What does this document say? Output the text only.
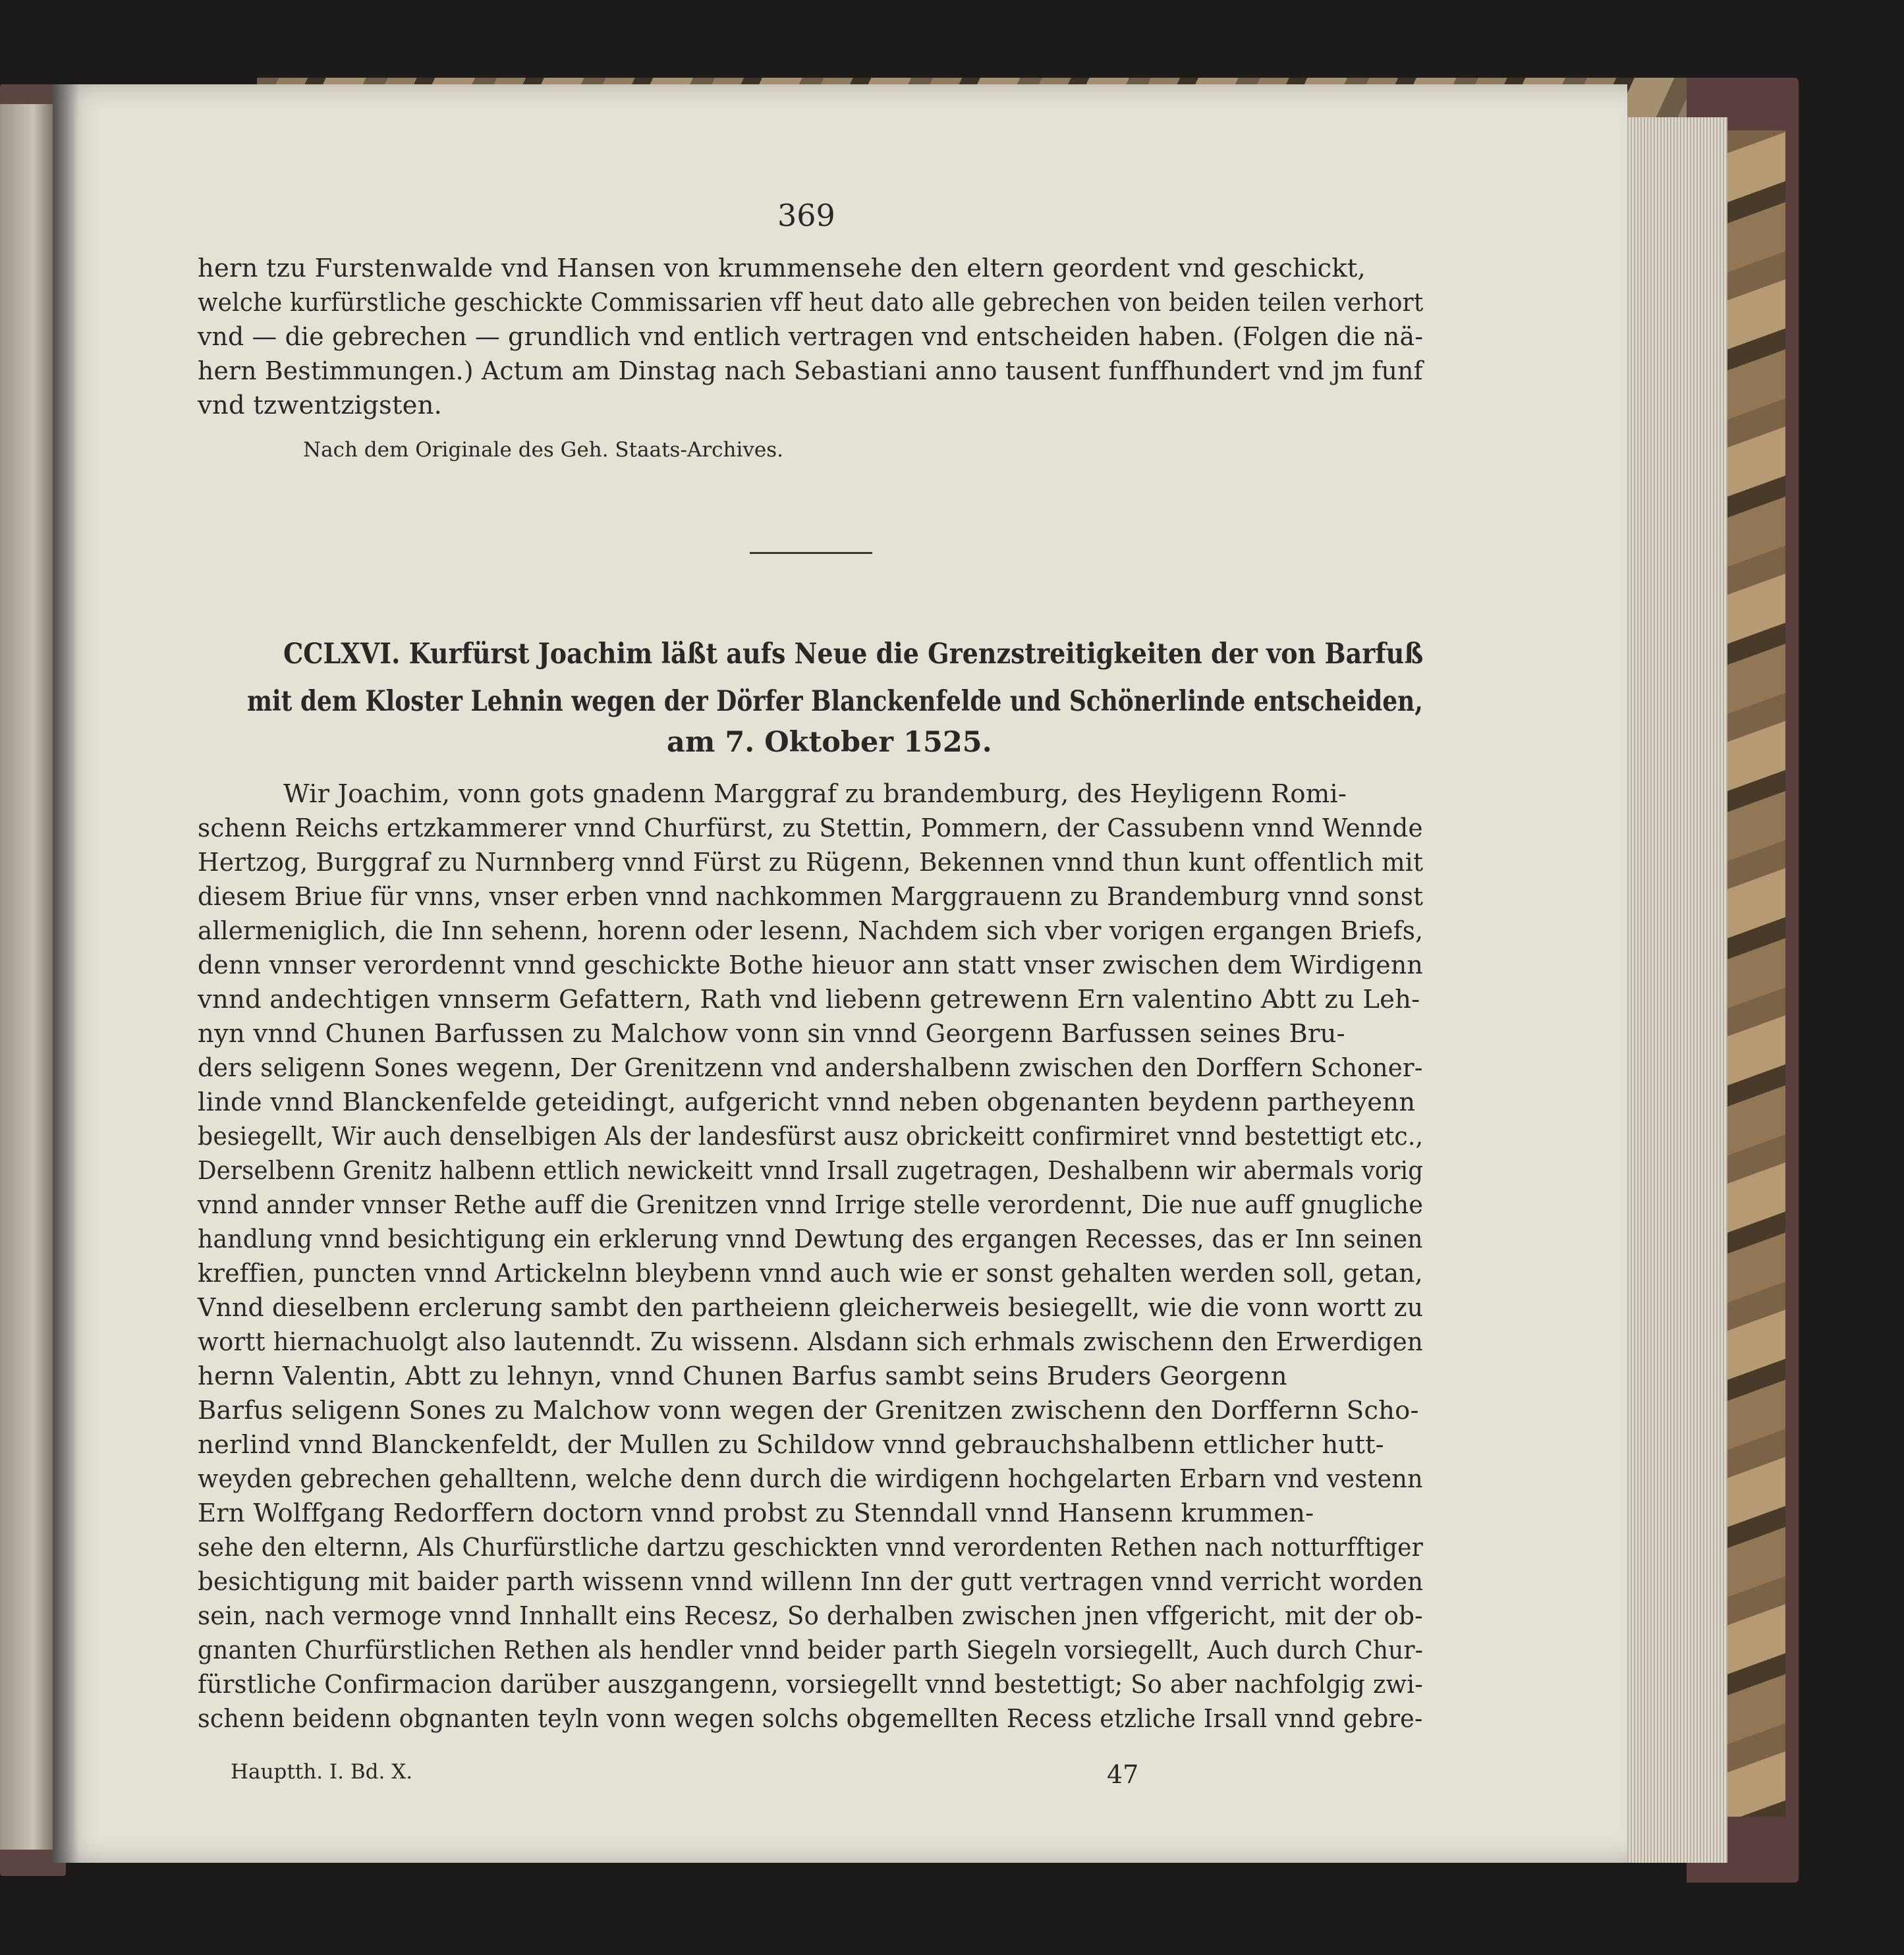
369
hern tzu Furstenwalde vnd Hansen von krummensehe den eltern geordent vnd geschickt,
welche kurfürstliche geschickte Commissarien vff heut dato alle gebrechen von beiden teilen verhort
vnd — die gebrechen — grundlich vnd entlich vertragen vnd entscheiden haben. (Folgen die nä-
hern Bestimmungen.) Actum am Dinstag nach Sebastiani anno tausent funffhundert vnd jm funf
vnd tzwentzigsten.
Nach dem Originale des Geh. Staats-Archives.
CCLXVI. Kurfürst Joachim läßt aufs Neue die Grenzstreitigkeiten der von Barfuß
mit dem Kloster Lehnin wegen der Dörfer Blanckenfelde und Schönerlinde entscheiden,
am 7. Oktober 1525.
Wir Joachim, vonn gots gnadenn Marggraf zu brandemburg, des Heyligenn Romi-
schenn Reichs ertzkammerer vnnd Churfürst, zu Stettin, Pommern, der Cassubenn vnnd Wennde
Hertzog, Burggraf zu Nurnnberg vnnd Fürst zu Rügenn, Bekennen vnnd thun kunt offentlich mit
diesem Briue für vnns, vnser erben vnnd nachkommen Marggrauenn zu Brandemburg vnnd sonst
allermeniglich, die Inn sehenn, horenn oder lesenn, Nachdem sich vber vorigen ergangen Briefs,
denn vnnser verordennt vnnd geschickte Bothe hieuor ann statt vnser zwischen dem Wirdigenn
vnnd andechtigen vnnserm Gefattern, Rath vnd liebenn getrewenn Ern valentino Abtt zu Leh-
nyn vnnd Chunen Barfussen zu Malchow vonn sin vnnd Georgenn Barfussen seines Bru-
ders seligenn Sones wegenn, Der Grenitzenn vnd andershalbenn zwischen den Dorffern Schoner-
linde vnnd Blanckenfelde geteidingt, aufgericht vnnd neben obgenanten beydenn partheyenn
besiegellt, Wir auch denselbigen Als der landesfürst ausz obrickeitt confirmiret vnnd bestettigt etc.,
Derselbenn Grenitz halbenn ettlich newickeitt vnnd Irsall zugetragen, Deshalbenn wir abermals vorig
vnnd annder vnnser Rethe auff die Grenitzen vnnd Irrige stelle verordennt, Die nue auff gnugliche
handlung vnnd besichtigung ein erklerung vnnd Dewtung des ergangen Recesses, das er Inn seinen
kreffien, puncten vnnd Artickelnn bleybenn vnnd auch wie er sonst gehalten werden soll, getan,
Vnnd dieselbenn erclerung sambt den partheienn gleicherweis besiegellt, wie die vonn wortt zu
wortt hiernachuolgt also lautenndt. Zu wissenn. Alsdann sich erhmals zwischenn den Erwerdigen
hernn Valentin, Abtt zu lehnyn, vnnd Chunen Barfus sambt seins Bruders Georgenn
Barfus seligenn Sones zu Malchow vonn wegen der Grenitzen zwischenn den Dorffernn Scho-
nerlind vnnd Blanckenfeldt, der Mullen zu Schildow vnnd gebrauchshalbenn ettlicher hutt-
weyden gebrechen gehalltenn, welche denn durch die wirdigenn hochgelarten Erbarn vnd vestenn
Ern Wolffgang Redorffern doctorn vnnd probst zu Stenndall vnnd Hansenn krummen-
sehe den elternn, Als Churfürstliche dartzu geschickten vnnd verordenten Rethen nach notturfftiger
besichtigung mit baider parth wissenn vnnd willenn Inn der gutt vertragen vnnd verricht worden
sein, nach vermoge vnnd Innhallt eins Recesz, So derhalben zwischen jnen vffgericht, mit der ob-
gnanten Churfürstlichen Rethen als hendler vnnd beider parth Siegeln vorsiegellt, Auch durch Chur-
fürstliche Confirmacion darüber auszgangenn, vorsiegellt vnnd bestettigt; So aber nachfolgig zwi-
schenn beidenn obgnanten teyln vonn wegen solchs obgemellten Recess etzliche Irsall vnnd gebre-
Hauptth. I. Bd. X.	47
